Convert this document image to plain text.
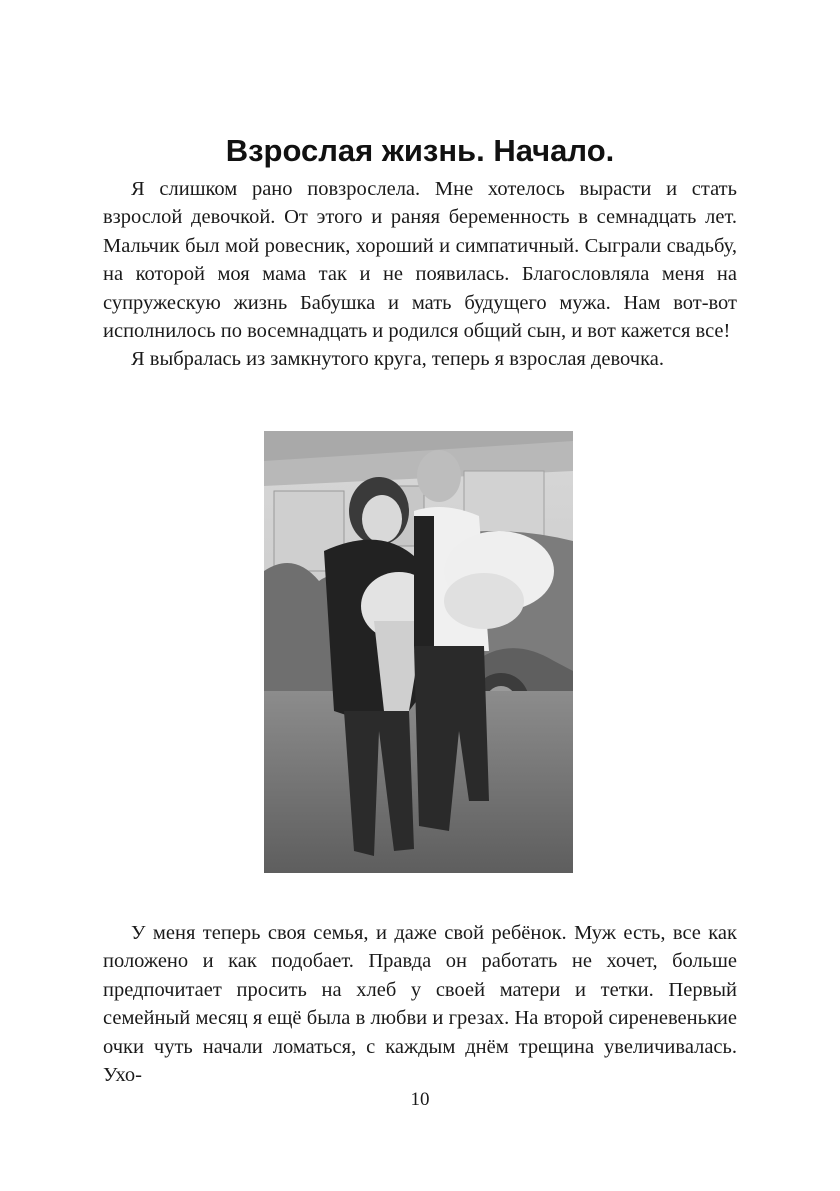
Взрослая жизнь. Начало.

Я слишком рано повзрослела. Мне хотелось вырасти и стать взрослой девочкой. От этого и раняя беременность в семнадцать лет. Мальчик был мой ровесник, хороший и симпатичный. Сыграли свадьбу, на которой моя мама так и не появилась. Благословляла меня на супружескую жизнь Бабушка и мать будущего мужа. Нам вот-вот исполнилось по восемнадцать и родился общий сын, и вот кажется все!

Я выбралась из замкнутого круга, теперь я взрослая девочка.

У меня теперь своя семья, и даже свой ребёнок. Муж есть, все как положено и как подобает. Правда он работать не хочет, больше предпочитает просить на хлеб у своей матери и тетки. Первый семейный месяц я ещё была в любви и грезах. На второй сиреневенькие очки чуть начали ломаться, с каждым днём трещина увеличивалась. Ухо-

10
